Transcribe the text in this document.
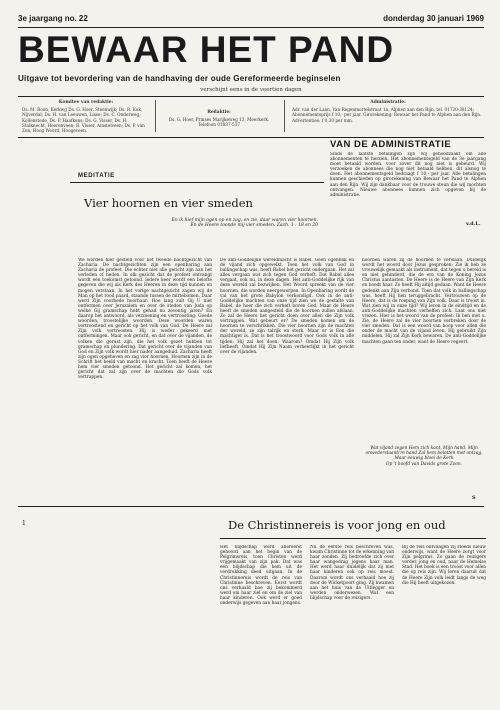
3e jaargang no. 22	donderdag 30 januari 1969
BEWAAR HET PAND
Uitgave tot bevordering van de handhaving der oude Gereformeerde beginselen
verschijnt eens in de veertien dagen
Komitee van redaktie:
Ds. M. Boon, Kerkwg Ds. G. Hoer, Steenwijk; Ds. R. Kok, Nijverdal; Ds. H. van Leeuwen, Lisse; Ds. C. Onderweg; Kollenstede, Ds. P. Haafkens; Ds. G. Visser, Ds. H. Stalknecht, Heerenveen; B. Visser, Amstelveen; Ds. P. van Zon, Hoog Woord, Hoogeveen.
Redaktie:
Ds. G. Hoer, Prinses Marijkeweg 13, Meerkerk. Telefoon 01837-537
Administratie:
Adr. van der Laan, Van Regenmortelstraat 1a, Alphen aan den Rijn, tel. 01720-38124; Abonnementsprijs f 10,- per jaar. Girorekening: Bewaar het Pand te Alphen aan den Rijn. Advertenties: f 0,30 per mm.
VAN DE ADMINISTRATIE
Sinds de laatste betalingen zijn wij genoodzaakt om alle abonnementen te herzien. Het abonnementsgeld van de 3e jaargang moet betaald worden, voor zover dit nog niet is gebeurd. Wij verzoeken de abonnees die nog niet betaald hebben, dit alsnog te doen. Het abonnementsgeld bedraagt f 10,- per jaar. Alle betalingen kunnen geschieden op girorekening van Bewaar het Pand te Alphen aan den Rijn. Wij zijn dankbaar voor de trouwe steun die wij mochten ontvangen. Nieuwe abonnees kunnen zich opgeven bij de administratie.
v.d.L.
MEDITATIE
Vier hoornen en vier smeden
En ik hief mijn ogen op en zag, en zie, daar waren vier hoornen. En de Heere toonde mij vier smeden. Zach. 1 : 18 en 20
We worden hier gesteld voor het tweede nachtgezicht van Zacharia. De nachtgezichten zijn een openbaring aan Zacharia de profeet. Die echter niet alle gericht zijn aan het verleden of heden. In elk gezicht dat de profeet ontvangt wordt een toekomst getoond. Iedere keer wordt een belofte gegeven die wij als Kerk des Heeren in deze tijd kunnen en mogen verstaan. In het vorige nachtgezicht zagen wij de Man op het rood paard, staande tussen de mirtebomen. Daar werd Zijn voorbede hoorbaar: Hoe lang zult Gij U niet ontfermen over Jeruzalem en over de steden van Juda op welke Gij gramschap hebt gehad nu zeventig jaren? En daarop het antwoord, als verzoening en vertroosting: Goede woorden, troostelijke woorden. Deze woorden waren vertroostend en gericht op het volk van God. De Heere zal Zijn volk vertroosten. Hij is weder gekeerd met ontfermingen. Maar ook gericht, en dat over de vijanden, de volken die gerust zijn, die het volk gezet hebben tot gramschap en plundering. Dat gericht over de vijanden van God en Zijn volk wordt hier nader aangeduid. Zacharia heeft zijn ogen opgeheven en zag vier hoornen. Hoornen zijn in de Schrift het beeld van macht en kracht. Toen heeft de Heere hem vier smeden getoond. Het gericht zal komen, het gericht dat zal zijn over de machten die Gods volk vertrappen.
De anti-Goddelijke wereldmacht is Babel. Geen ogenblik en de vijand zich opgewelkt. Toen het volk van God in ballingschap was, heeft Babel het gericht ondergaan. Het zal alles vergaan wat zich tegen God verheft. Dat Babel alles vergaat, ook nu, in deze dagen. Het anti-Goddelijke rijk van deze wereld zal bezwijken. Het Woord spreekt van de vier hoornen, die worden neergeworpen. In Openbaring wordt de val van het grote Babylon verkondigd. Ook in de anti-Goddelijke machten van onze tijd zien we de gestalte van Babel, de hoer die zich verheft boven God. Maar de Heere heeft de smeden aangesteld die de hoornen zullen afslaan. Zo zal de Heere het gericht doen over allen die Zijn volk vertrappen. Wat gebeurt er? De smeden komen om de hoornen te verschrikken. Die vier hoornen zijn de machten der wereld, ze zijn talrijk en sterk. Maar er is Een die machtiger is. Dat is het troostwoord voor Gods volk in alle tijden: Hij zal het doen. Waarom? Omdat Hij Zijn volk liefheeft. Omdat Hij Zijn Naam verheerlijkt in het gericht over de vijanden.
hoornen waren zij de hoornen te verslaan. Duidelijk wordt het woord door Jezus gesproken: Zie ik heb ze vrouwelijk gemaakt als instrument, dat tegen u bereid is en niet gehinderd, die de ere van de Koning Jezus Christus aantasten. De Heere is de Heere van Zijn Kerk en hoedt haar. Zo heeft Hij altijd gedaan. Want de Heere gedenkt aan Zijn verbond. Toen dat volk in ballingschap was, heeft Hij hen teruggebracht. Vertrouwen op de Heere, dat is de roeping van Zijn volk. Daar is troost in. Wat zien wij in onze tijd? Wij leven in de eindtijd en de anti-Goddelijke machten verheffen zich. Laat ons niet vrezen. Hier is het woord van de profeet: Ik ben met u. Zie, de Heere zal de vier hoornen verbreken door de vier smeden. Dat is een woord van hoop voor allen die onder de macht van de vijand leven. Hij gebruikt Zijn middelen. Hij zal Zijn Kerk bewaren. De anti-Goddelijke machten gaan ten onder, want de Heere regeert.
Wat vijand zegen Hem zich kant, Mijn hand, Mijn onwederstaanb're hand Zal hem beletten met ontzag. Maar eeuwig bloei de Kerk
Op 't hoofd van Davids grote Zoon.
S
1	De Christinnereis is voor jong en oud
Het blijdschap werd allereerst gehoord aan het begin van de Pelgrimsreis, toen Christen werd vrijgemaakt van zijn pak. Dat was een blijdschap die hem uit de verdrukking deed uitgaan. In de Christinnereis wordt de reis van Christinne beschreven. Eerst wordt ons verhaald hoe zij bekommerd werd om haar ziel en om de ziel van haar kinderen. Ook werd er goed onderwijs gegeven aan haar jongens.
Nu de eerste reis beschreven was, kwam Christinne tot de erkenning van haar zonden. Zij bedroefde zich over haar wangedrag jegens haar man. Het werd haar duidelijk dat zij met haar kinderen ook op reis moest. Daarom wordt ons verhaald hoe zij door de Wicketpoort ging. Zij kwamen aan het huis van de Uitlegger en werden onderwezen. Wat een blijdschap voor de reizigers.
Bij de reis ontvangen zij steeds nieuw onderwijs, want de Heere zorgt voor Zijn pelgrims. Zo gaan de reizigers verder, jong en oud, naar de Hemelse Stad. Het boek is een troost voor allen die op reis zijn. Wij leren daaruit dat de Heere Zijn volk leidt langs de weg die Hij heeft uitgekozen.
